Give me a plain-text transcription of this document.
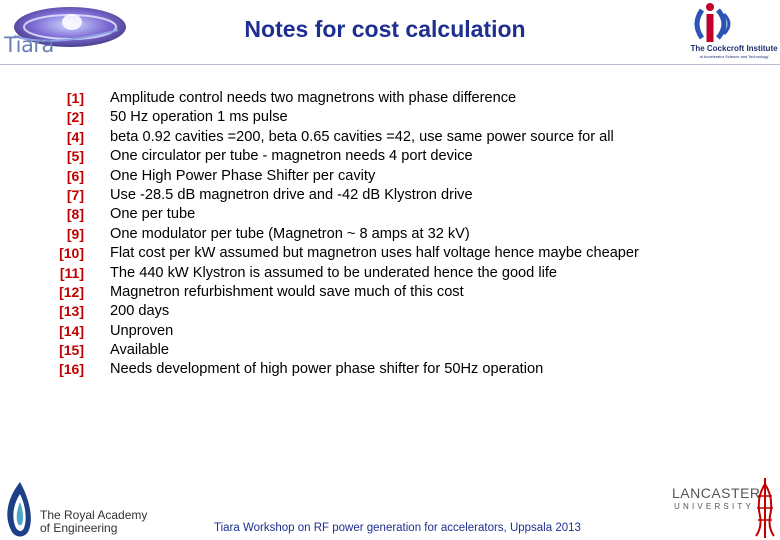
Tiara
Notes for cost calculation
The Cockcroft Institute
of Accelerator Science and Technology
[1] Amplitude control needs two magnetrons with phase difference
[2] 50 Hz operation 1 ms pulse
[4] beta 0.92 cavities =200, beta 0.65 cavities =42, use same power source for all
[5] One circulator per tube - magnetron needs 4 port device
[6] One High Power Phase Shifter per cavity
[7] Use -28.5 dB magnetron drive and -42 dB Klystron drive
[8] One per tube
[9] One modulator per tube (Magnetron ~ 8 amps at 32 kV)
[10] Flat cost per kW assumed but magnetron uses half voltage hence maybe cheaper
[11] The 440 kW Klystron is assumed to be underated hence the good life
[12] Magnetron refurbishment would save much of this cost
[13] 200 days
[14] Unproven
[15] Available
[16] Needs development of high power phase shifter for 50Hz operation
The Royal Academy
of Engineering	Tiara Workshop on RF power generation for accelerators, Uppsala 2013
LANCASTER
UNIVERSITY
